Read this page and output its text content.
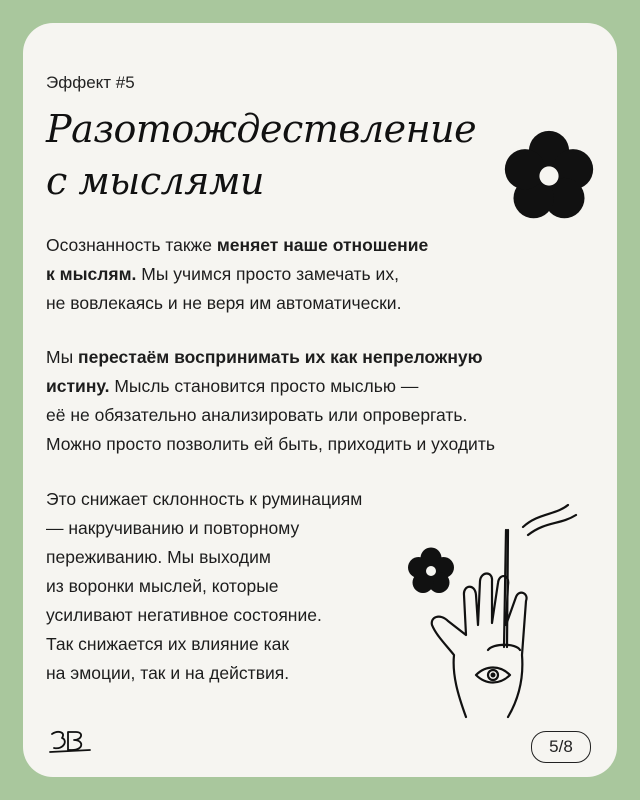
Эффект #5
Разотождествление
с мыслями
Осознанность также меняет наше отношение
к мыслям. Мы учимся просто замечать их,
не вовлекаясь и не веря им автоматически.
Мы перестаём воспринимать их как непреложную
истину. Мысль становится просто мыслью —
её не обязательно анализировать или опровергать.
Можно просто позволить ей быть, приходить и уходить
Это снижает склонность к руминациям
— накручиванию и повторному
переживанию. Мы выходим
из воронки мыслей, которые
усиливают негативное состояние.
Так снижается их влияние как
на эмоции, так и на действия.
5/8
